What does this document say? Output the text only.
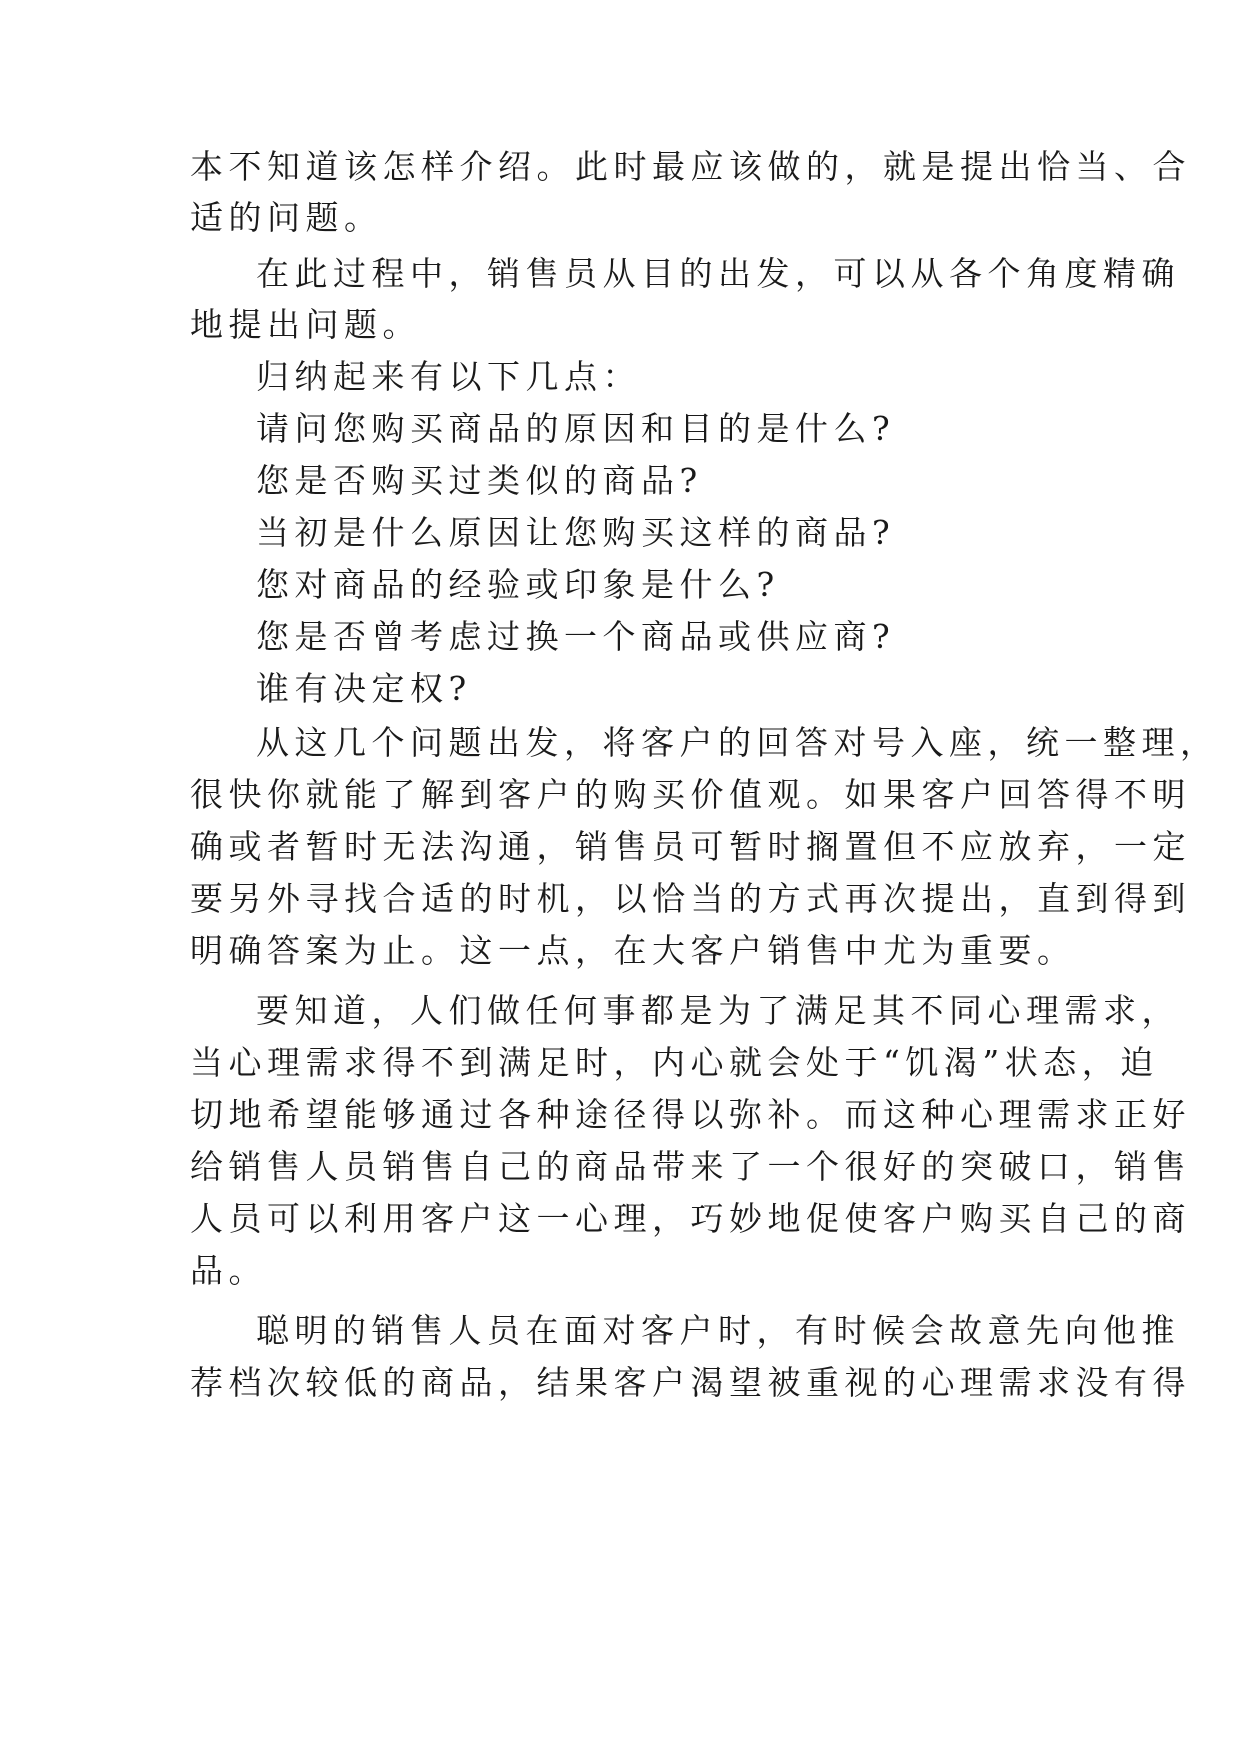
本不知道该怎样介绍。此时最应该做的，就是提出恰当、合
适的问题。
在此过程中，销售员从目的出发，可以从各个角度精确
地提出问题。
归纳起来有以下几点：
请问您购买商品的原因和目的是什么?
您是否购买过类似的商品?
当初是什么原因让您购买这样的商品?
您对商品的经验或印象是什么?
您是否曾考虑过换一个商品或供应商?
谁有决定权?
从这几个问题出发，将客户的回答对号入座，统一整理，
很快你就能了解到客户的购买价值观。如果客户回答得不明
确或者暂时无法沟通，销售员可暂时搁置但不应放弃，一定
要另外寻找合适的时机，以恰当的方式再次提出，直到得到
明确答案为止。这一点，在大客户销售中尤为重要。
要知道，人们做任何事都是为了满足其不同心理需求，
当心理需求得不到满足时，内心就会处于“饥渴”状态，迫
切地希望能够通过各种途径得以弥补。而这种心理需求正好
给销售人员销售自己的商品带来了一个很好的突破口，销售
人员可以利用客户这一心理，巧妙地促使客户购买自己的商
品。
聪明的销售人员在面对客户时，有时候会故意先向他推
荐档次较低的商品，结果客户渴望被重视的心理需求没有得
